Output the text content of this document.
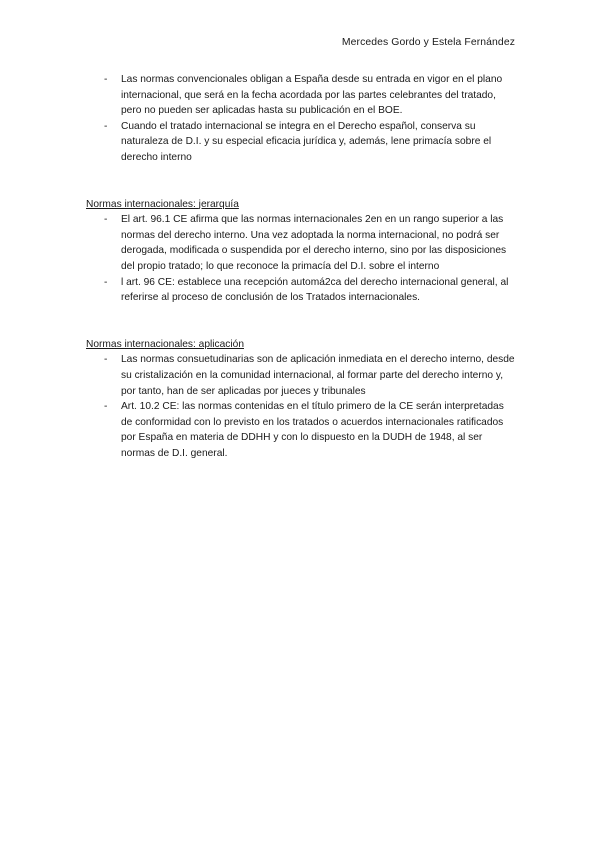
Mercedes Gordo y Estela Fernández
- Las normas convencionales obligan a España desde su entrada en vigor en el plano internacional, que será en la fecha acordada por las partes celebrantes del tratado, pero no pueden ser aplicadas hasta su publicación en el BOE.
- Cuando el tratado internacional se integra en el Derecho español, conserva su naturaleza de D.I. y su especial eficacia jurídica y, además, lene primacía sobre el derecho interno
Normas internacionales: jerarquía
- El art. 96.1 CE afirma que las normas internacionales 2en en un rango superior a las normas del derecho interno. Una vez adoptada la norma internacional, no podrá ser derogada, modificada o suspendida por el derecho interno, sino por las disposiciones del propio tratado; lo que reconoce la primacía del D.I. sobre el interno
- l art. 96 CE: establece una recepción automá2ca del derecho internacional general, al referirse al proceso de conclusión de los Tratados internacionales.
Normas internacionales: aplicación
- Las normas consuetudinarias son de aplicación inmediata en el derecho interno, desde su cristalización en la comunidad internacional, al formar parte del derecho interno y, por tanto, han de ser aplicadas por jueces y tribunales
- Art. 10.2 CE: las normas contenidas en el título primero de la CE serán interpretadas de conformidad con lo previsto en los tratados o acuerdos internacionales ratificados por España en materia de DDHH y con lo dispuesto en la DUDH de 1948, al ser normas de D.I. general.
